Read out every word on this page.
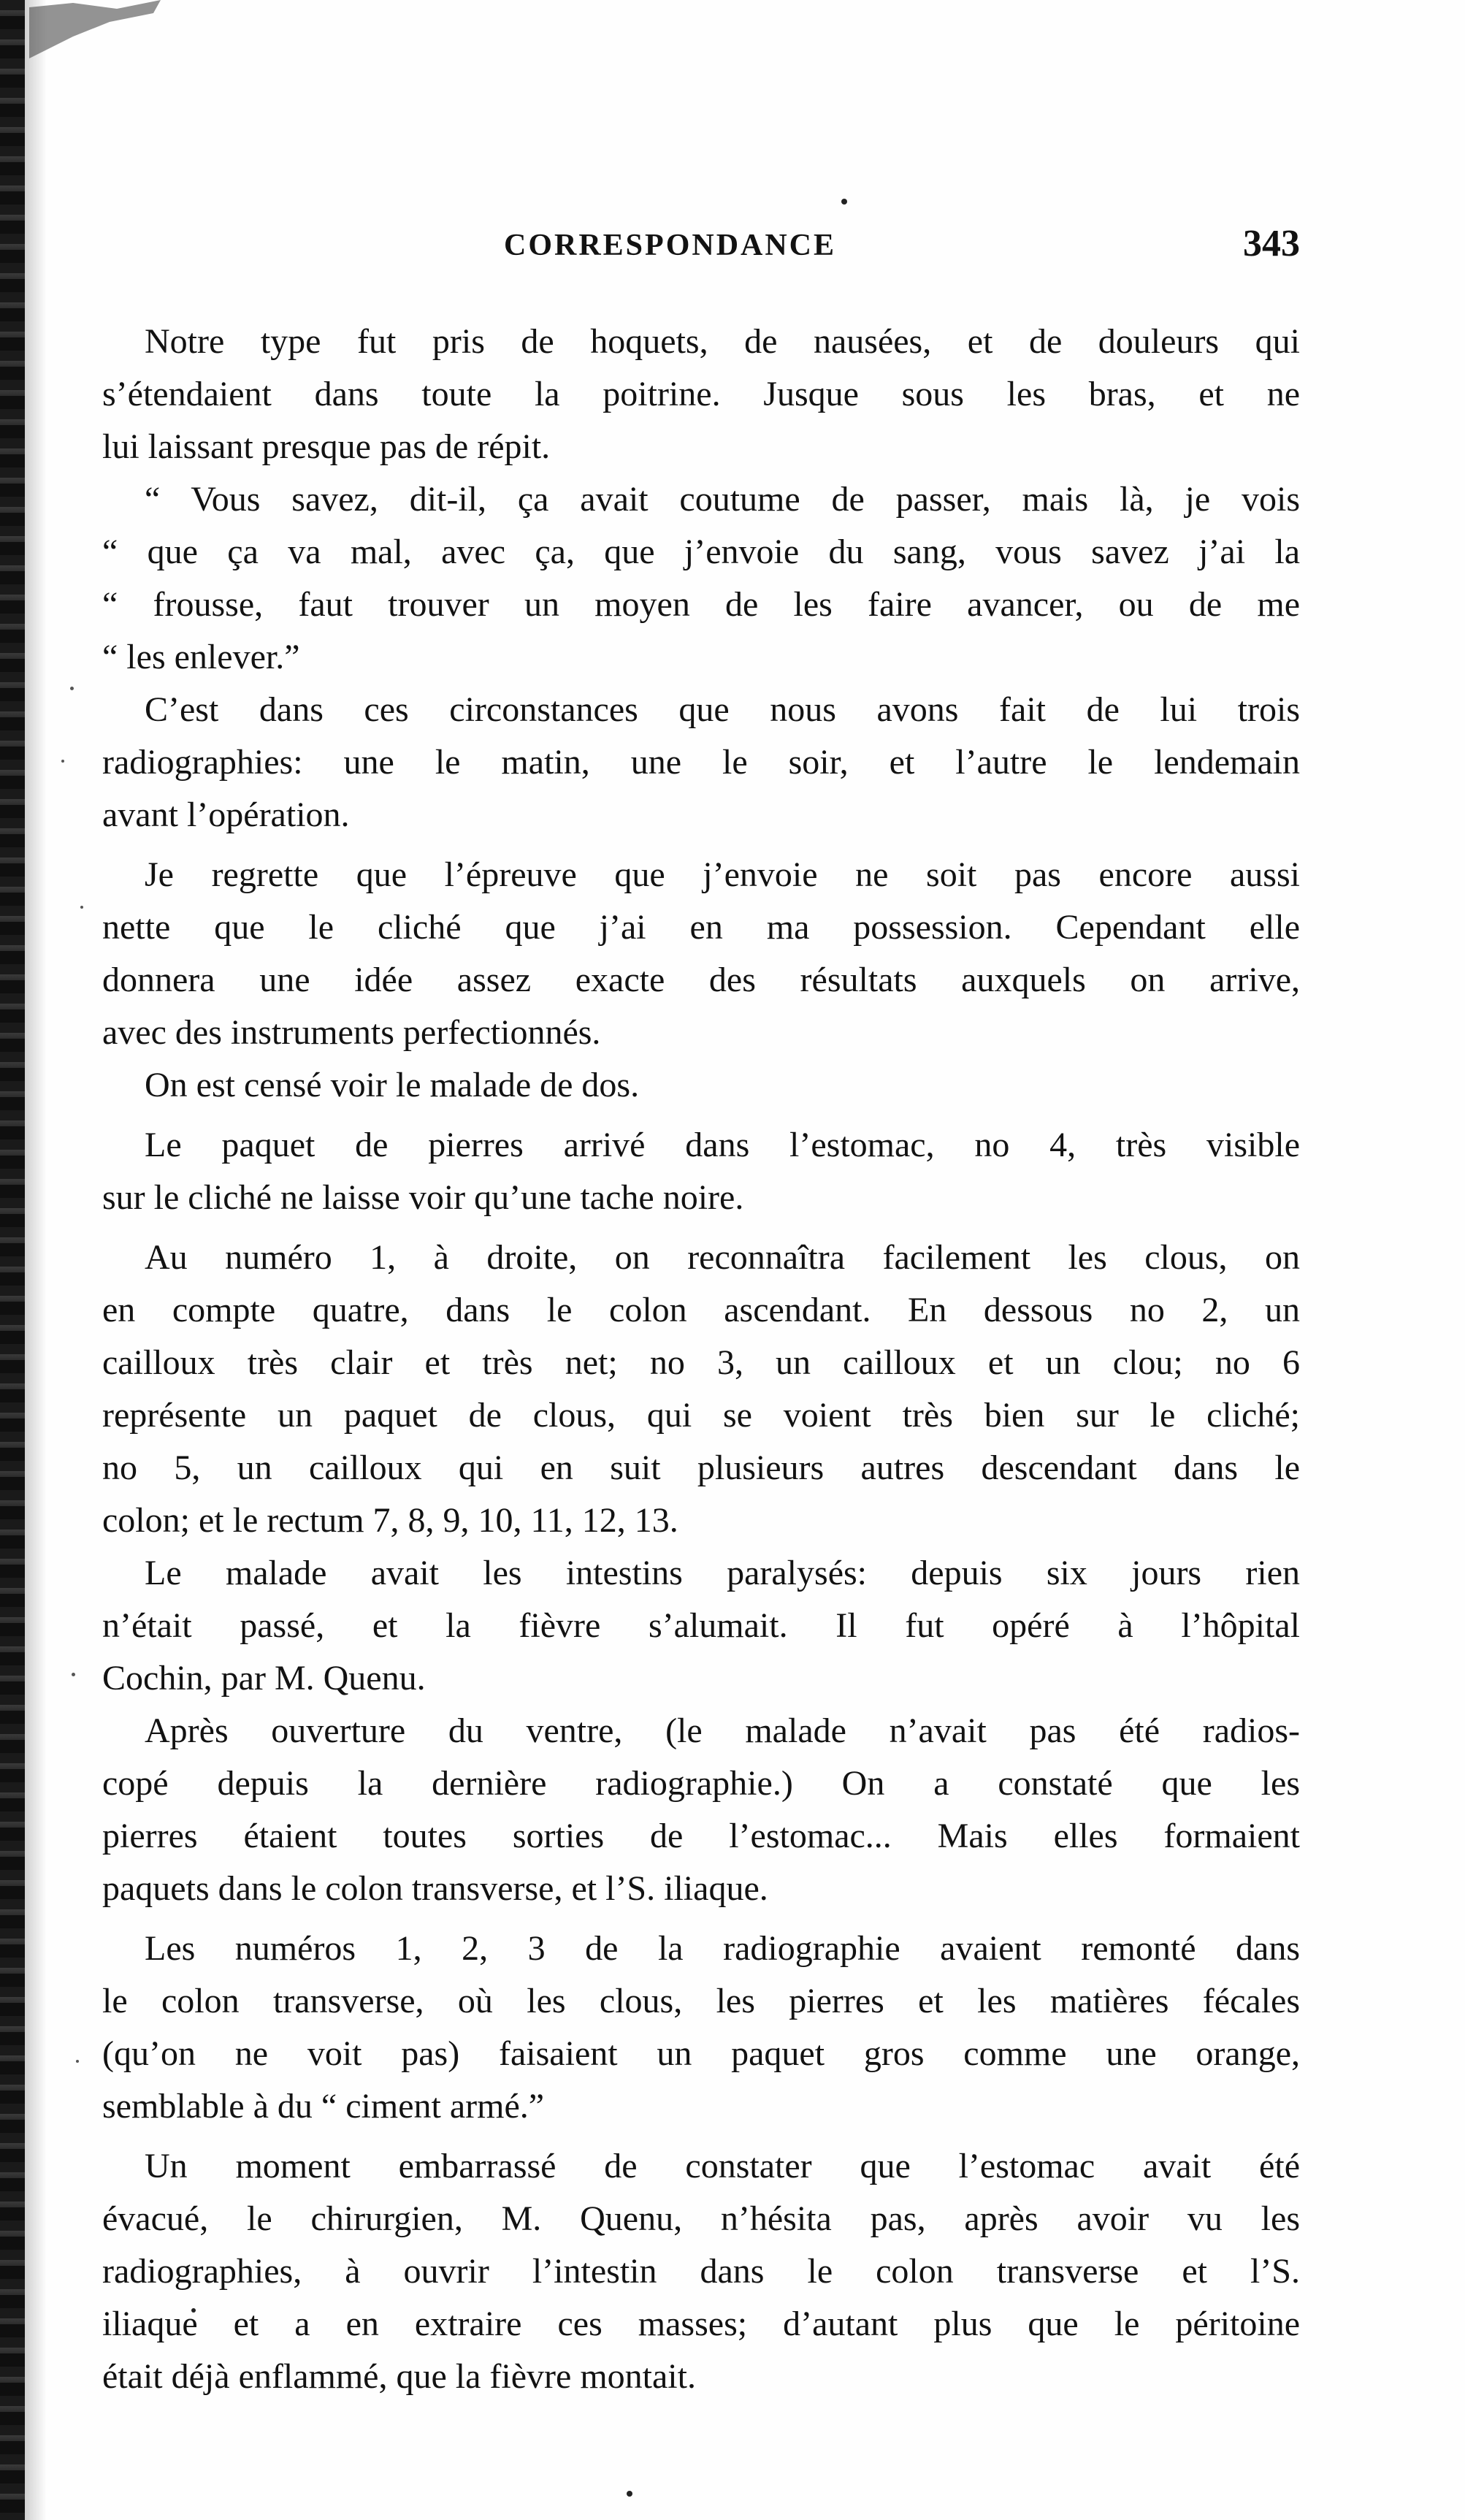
CORRESPONDANCE	343
Notre type fut pris de hoquets, de nausées, et de douleurs qui
s’étendaient dans toute la poitrine. Jusque sous les bras, et ne
lui laissant presque pas de répit.
“ Vous savez, dit-il, ça avait coutume de passer, mais là, je vois
“ que ça va mal, avec ça, que j’envoie du sang, vous savez j’ai la
“ frousse, faut trouver un moyen de les faire avancer, ou de me
“ les enlever.”
C’est dans ces circonstances que nous avons fait de lui trois
radiographies: une le matin, une le soir, et l’autre le lendemain
avant l’opération.
Je regrette que l’épreuve que j’envoie ne soit pas encore aussi
nette que le cliché que j’ai en ma possession. Cependant elle
donnera une idée assez exacte des résultats auxquels on arrive,
avec des instruments perfectionnés.
On est censé voir le malade de dos.
Le paquet de pierres arrivé dans l’estomac, no 4, très visible
sur le cliché ne laisse voir qu’une tache noire.
Au numéro 1, à droite, on reconnaîtra facilement les clous, on
en compte quatre, dans le colon ascendant. En dessous no 2, un
cailloux très clair et très net; no 3, un cailloux et un clou; no 6
représente un paquet de clous, qui se voient très bien sur le cliché;
no 5, un cailloux qui en suit plusieurs autres descendant dans le
colon; et le rectum 7, 8, 9, 10, 11, 12, 13.
Le malade avait les intestins paralysés: depuis six jours rien
n’était passé, et la fièvre s’alumait. Il fut opéré à l’hôpital
Cochin, par M. Quenu.
Après ouverture du ventre, (le malade n’avait pas été radios-
copé depuis la dernière radiographie.) On a constaté que les
pierres étaient toutes sorties de l’estomac... Mais elles formaient
paquets dans le colon transverse, et l’S. iliaque.
Les numéros 1, 2, 3 de la radiographie avaient remonté dans
le colon transverse, où les clous, les pierres et les matières fécales
(qu’on ne voit pas) faisaient un paquet gros comme une orange,
semblable à du “ ciment armé.”
Un moment embarrassé de constater que l’estomac avait été
évacué, le chirurgien, M. Quenu, n’hésita pas, après avoir vu les
radiographies, à ouvrir l’intestin dans le colon transverse et l’S.
iliaque et a en extraire ces masses; d’autant plus que le péritoine
était déjà enflammé, que la fièvre montait.
